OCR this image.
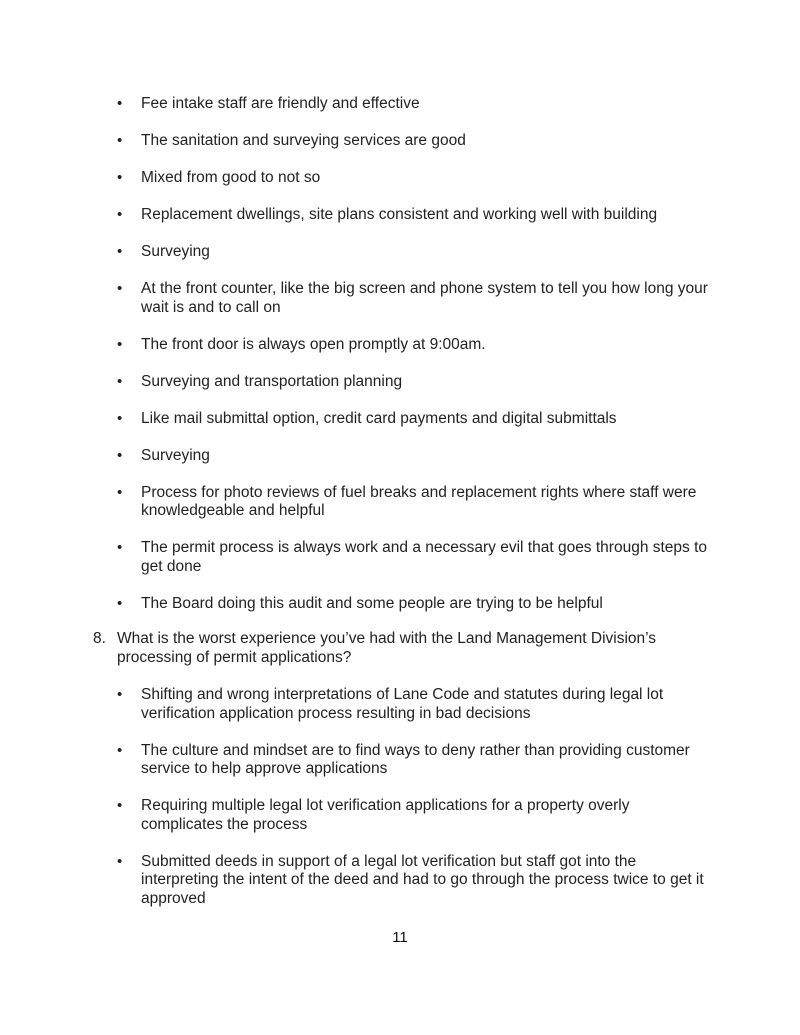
• Fee intake staff are friendly and effective
• The sanitation and surveying services are good
• Mixed from good to not so
• Replacement dwellings, site plans consistent and working well with building
• Surveying
• At the front counter, like the big screen and phone system to tell you how long your wait is and to call on
• The front door is always open promptly at 9:00am.
• Surveying and transportation planning
• Like mail submittal option, credit card payments and digital submittals
• Surveying
• Process for photo reviews of fuel breaks and replacement rights where staff were knowledgeable and helpful
• The permit process is always work and a necessary evil that goes through steps to get done
• The Board doing this audit and some people are trying to be helpful
8. What is the worst experience you’ve had with the Land Management Division’s processing of permit applications?
• Shifting and wrong interpretations of Lane Code and statutes during legal lot verification application process resulting in bad decisions
• The culture and mindset are to find ways to deny rather than providing customer service to help approve applications
• Requiring multiple legal lot verification applications for a property overly complicates the process
• Submitted deeds in support of a legal lot verification but staff got into the interpreting the intent of the deed and had to go through the process twice to get it approved
11
